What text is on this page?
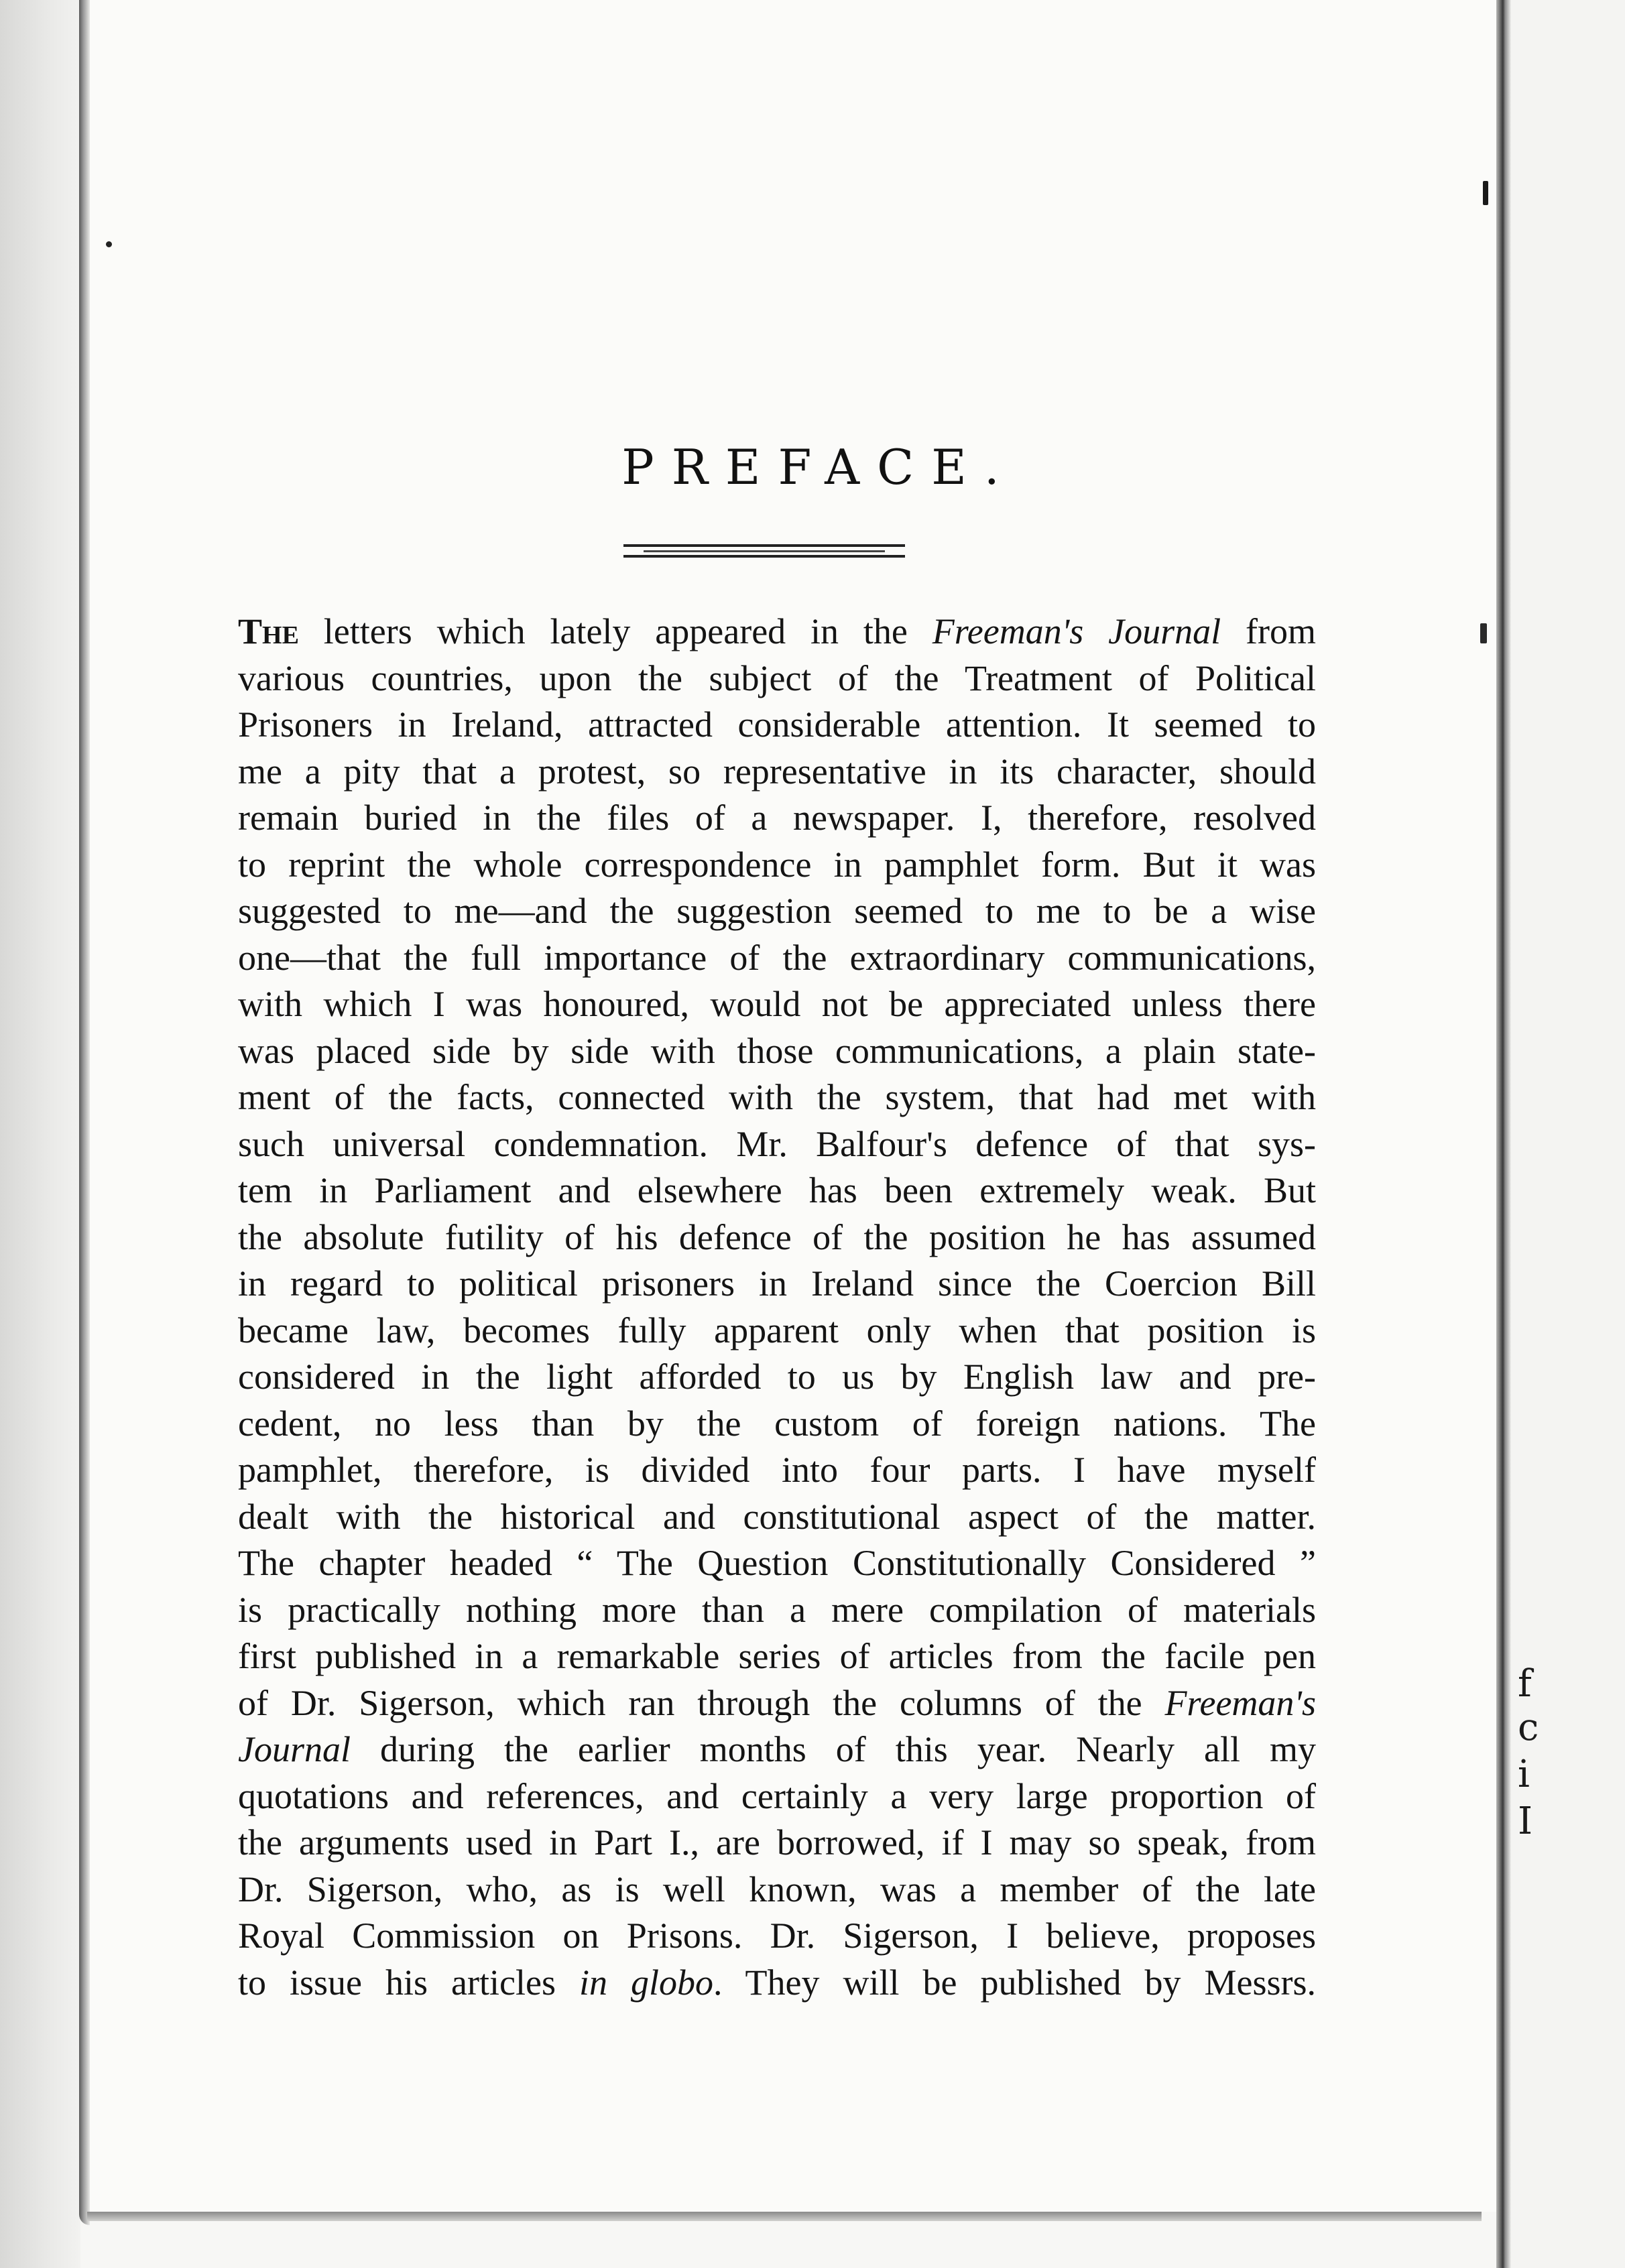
f
c
i
I
PREFACE.
The letters which lately appeared in the Freeman's Journal from
various countries, upon the subject of the Treatment of Political
Prisoners in Ireland, attracted considerable attention. It seemed to
me a pity that a protest, so representative in its character, should
remain buried in the files of a newspaper. I, therefore, resolved
to reprint the whole correspondence in pamphlet form. But it was
suggested to me—and the suggestion seemed to me to be a wise
one—that the full importance of the extraordinary communications,
with which I was honoured, would not be appreciated unless there
was placed side by side with those communications, a plain state-
ment of the facts, connected with the system, that had met with
such universal condemnation. Mr. Balfour's defence of that sys-
tem in Parliament and elsewhere has been extremely weak. But
the absolute futility of his defence of the position he has assumed
in regard to political prisoners in Ireland since the Coercion Bill
became law, becomes fully apparent only when that position is
considered in the light afforded to us by English law and pre-
cedent, no less than by the custom of foreign nations. The
pamphlet, therefore, is divided into four parts. I have myself
dealt with the historical and constitutional aspect of the matter.
The chapter headed “ The Question Constitutionally Considered ”
is practically nothing more than a mere compilation of materials
first published in a remarkable series of articles from the facile pen
of Dr. Sigerson, which ran through the columns of the Freeman's
Journal during the earlier months of this year. Nearly all my
quotations and references, and certainly a very large proportion of
the arguments used in Part I., are borrowed, if I may so speak, from
Dr. Sigerson, who, as is well known, was a member of the late
Royal Commission on Prisons. Dr. Sigerson, I believe, proposes
to issue his articles in globo. They will be published by Messrs.
